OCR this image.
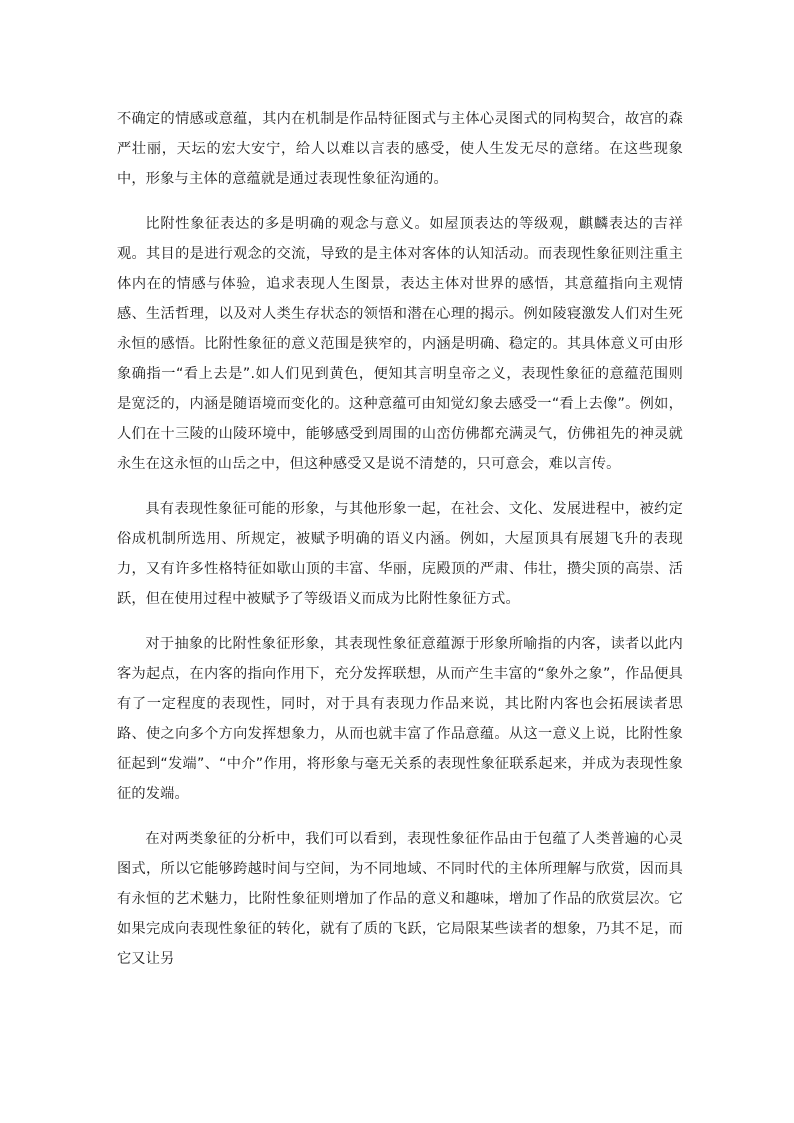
不确定的情感或意蕴，其内在机制是作品特征图式与主体心灵图式的同构契合，故宫的森严壮丽，天坛的宏大安宁，给人以难以言表的感受，使人生发无尽的意绪。在这些现象中，形象与主体的意蕴就是通过表现性象征沟通的。

比附性象征表达的多是明确的观念与意义。如屋顶表达的等级观，麒麟表达的吉祥观。其目的是进行观念的交流，导致的是主体对客体的认知活动。而表现性象征则注重主体内在的情感与体验，追求表现人生图景，表达主体对世界的感悟，其意蕴指向主观情感、生活哲理，以及对人类生存状态的领悟和潜在心理的揭示。例如陵寝激发人们对生死永恒的感悟。比附性象征的意义范围是狭窄的，内涵是明确、稳定的。其具体意义可由形象确指一“看上去是”.如人们见到黄色，便知其言明皇帝之义，表现性象征的意蕴范围则是宽泛的，内涵是随语境而变化的。这种意蕴可由知觉幻象去感受一“看上去像”。例如，人们在十三陵的山陵环境中，能够感受到周围的山峦仿佛都充满灵气，仿佛祖先的神灵就永生在这永恒的山岳之中，但这种感受又是说不清楚的，只可意会，难以言传。

具有表现性象征可能的形象，与其他形象一起，在社会、文化、发展进程中，被约定俗成机制所选用、所规定，被赋予明确的语义内涵。例如，大屋顶具有展翅飞升的表现力，又有许多性格特征如歇山顶的丰富、华丽，庑殿顶的严肃、伟壮，攒尖顶的高崇、活跃，但在使用过程中被赋予了等级语义而成为比附性象征方式。

对于抽象的比附性象征形象，其表现性象征意蕴源于形象所喻指的内客，读者以此内客为起点，在内客的指向作用下，充分发挥联想，从而产生丰富的“象外之象”，作品便具有了一定程度的表现性，同时，对于具有表现力作品来说，其比附内客也会拓展读者思路、使之向多个方向发挥想象力，从而也就丰富了作品意蕴。从这一意义上说，比附性象征起到“发端”、“中介”作用，将形象与毫无关系的表现性象征联系起来，并成为表现性象征的发端。

在对两类象征的分析中，我们可以看到，表现性象征作品由于包蕴了人类普遍的心灵图式，所以它能够跨越时间与空间，为不同地域、不同时代的主体所理解与欣赏，因而具有永恒的艺术魅力，比附性象征则增加了作品的意义和趣味，增加了作品的欣赏层次。它如果完成向表现性象征的转化，就有了质的飞跃，它局限某些读者的想象，乃其不足，而它又让另
